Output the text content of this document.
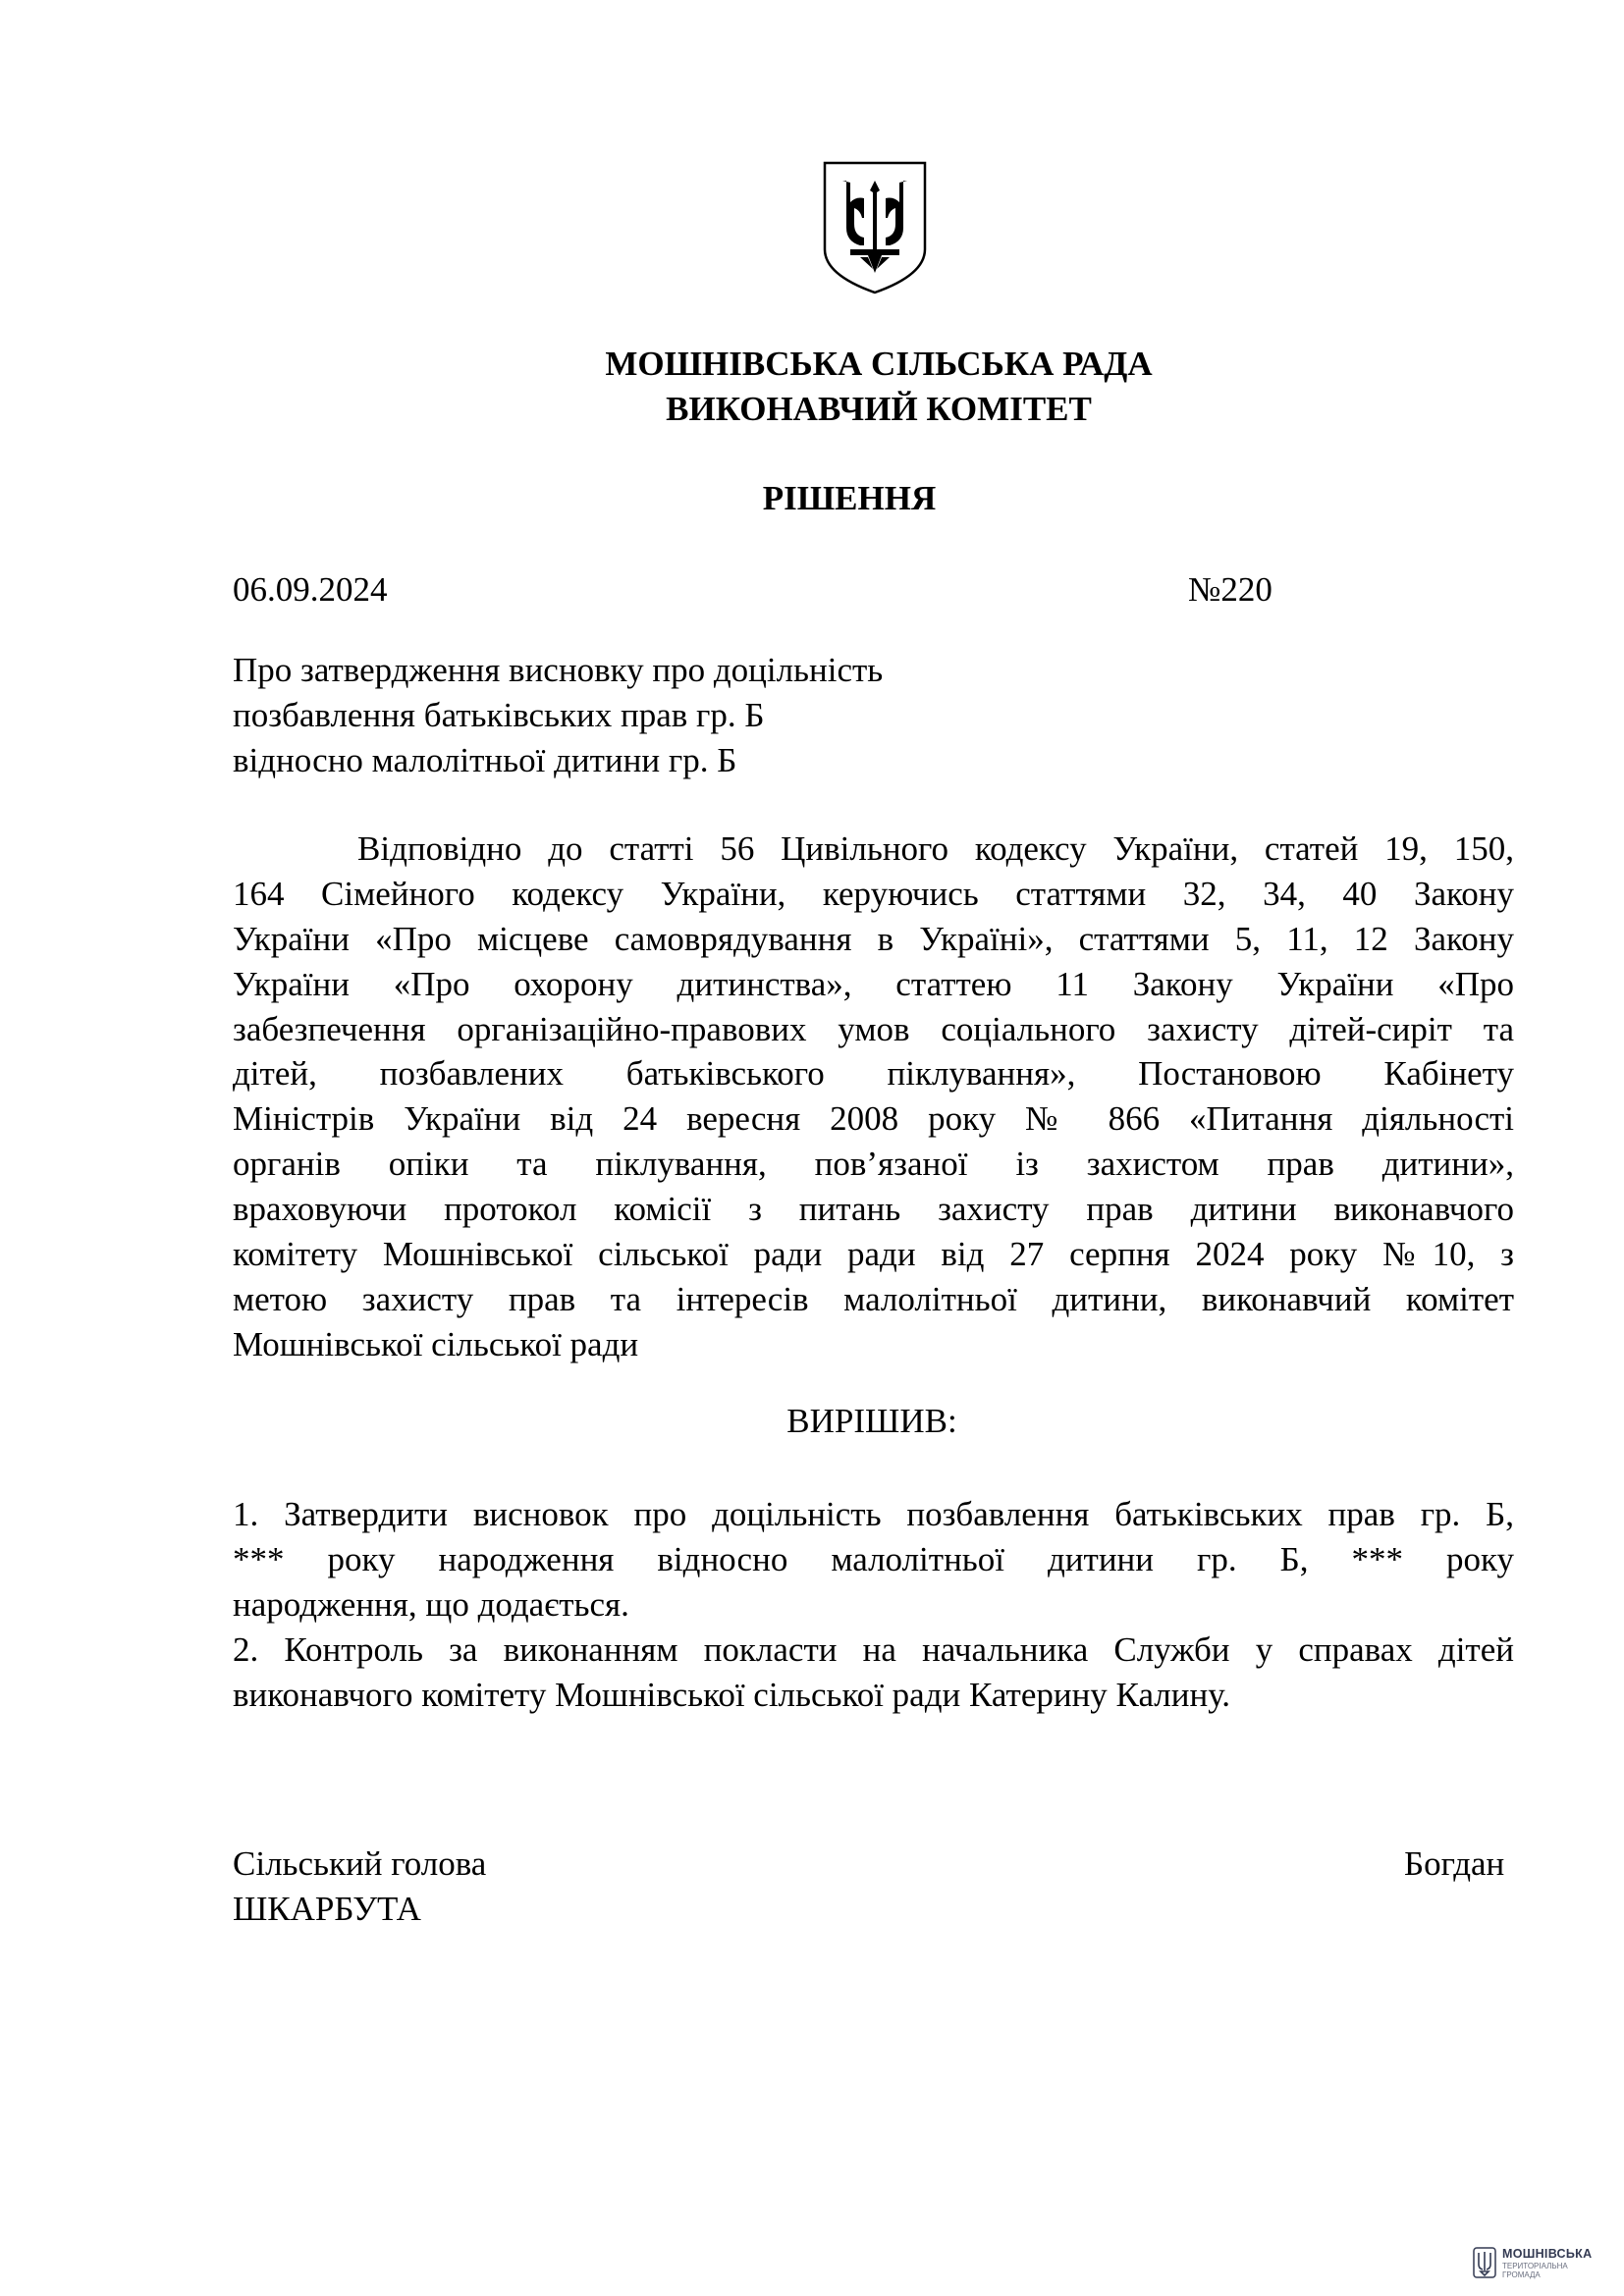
МОШНІВСЬКА СІЛЬСЬКА РАДА
ВИКОНАВЧИЙ КОМІТЕТ
РІШЕННЯ
06.09.2024	№220
Про затвердження висновку про доцільність
позбавлення батьківських прав гр. Б
відносно малолітньої дитини гр. Б
Відповідно до статті 56 Цивільного кодексу України, статей 19, 150,
164 Сімейного кодексу України, керуючись статтями 32, 34, 40 Закону
України «Про місцеве самоврядування в Україні», статтями 5, 11, 12 Закону
України «Про охорону дитинства», статтею 11 Закону України «Про
забезпечення організаційно-правових умов соціального захисту дітей-сиріт та
дітей, позбавлених батьківського піклування», Постановою Кабінету
Міністрів України від 24 вересня 2008 року № 866 «Питання діяльності
органів опіки та піклування, пов’язаної із захистом прав дитини»,
враховуючи протокол комісії з питань захисту прав дитини виконавчого
комітету Мошнівської сільської ради ради від 27 серпня 2024 року №10, з
метою захисту прав та інтересів малолітньої дитини, виконавчий комітет
Мошнівської сільської ради
ВИРІШИВ:
1. Затвердити висновок про доцільність позбавлення батьківських прав гр. Б,
*** року народження відносно малолітньої дитини гр. Б, *** року
народження, що додається.
2. Контроль за виконанням покласти на начальника Служби у справах дітей
виконавчого комітету Мошнівської сільської ради Катерину Калину.
Сільський голова	Богдан
ШКАРБУТА
МОШНІВСЬКА
ТЕРИТОРІАЛЬНА
ГРОМАДА
